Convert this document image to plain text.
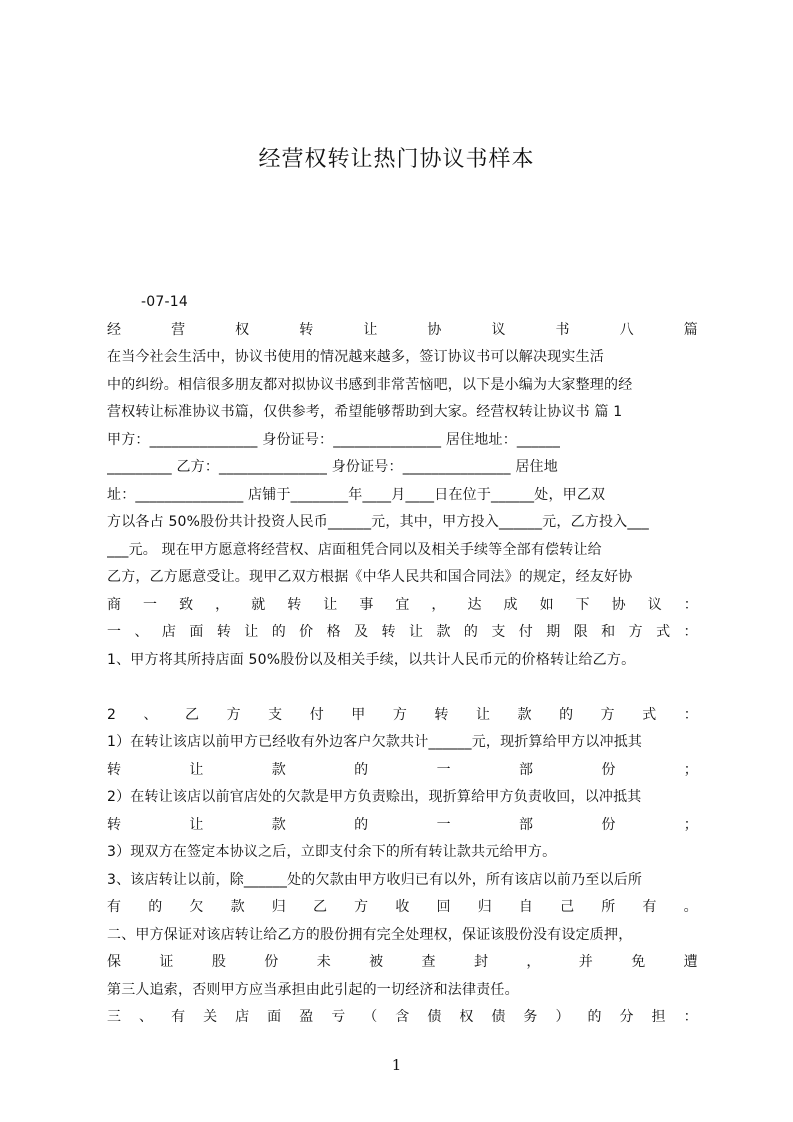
经营权转让热门协议书样本
-07-14
经	营	权	转	让	协	议	书	八	篇
在当今社会生活中，协议书使用的情况越来越多，签订协议书可以解决现实生活
中的纠纷。相信很多朋友都对拟协议书感到非常苦恼吧，以下是小编为大家整理的经
营权转让标准协议书篇，仅供参考，希望能够帮助到大家。经营权转让协议书 篇 1
甲方：_______________ 身份证号：_______________ 居住地址：______
_________ 乙方：_______________ 身份证号：_______________ 居住地
址：_______________ 店铺于________年____月____日在位于______处，甲乙双
方以各占 50%股份共计投资人民币______元，其中，甲方投入______元，乙方投入___
___元。 现在甲方愿意将经营权、店面租凭合同以及相关手续等全部有偿转让给
乙方，乙方愿意受让。现甲乙双方根据《中华人民共和国合同法》的规定，经友好协
商 一 致 ， 就 转 让 事 宜 ， 达 成 如 下 协 议 ：
一 、 店 面 转 让 的 价 格 及 转 让 款 的 支 付 期 限 和 方 式 ：
1、甲方将其所持店面 50%股份以及相关手续，以共计人民币元的价格转让给乙方。
2 、 乙 方 支 付 甲 方 转 让 款 的 方 式 ：
1）在转让该店以前甲方已经收有外边客户欠款共计______元，现折算给甲方以冲抵其
转	让	款	的	一	部	份	；
2）在转让该店以前官店处的欠款是甲方负责赊出，现折算给甲方负责收回，以冲抵其
转	让	款	的	一	部	份	；
3）现双方在签定本协议之后，立即支付余下的所有转让款共元给甲方。
3、该店转让以前，除______处的欠款由甲方收归已有以外，所有该店以前乃至以后所
有 的 欠 款 归 乙 方 收 回 归 自 己 所 有 。
二、甲方保证对该店转让给乙方的股份拥有完全处理权，保证该股份没有设定质押，
保	证	股	份	未	被	查	封	，	并	免	遭
第三人追索，否则甲方应当承担由此引起的一切经济和法律责任。
三 、 有 关 店 面 盈 亏 （ 含 债 权 债 务 ） 的 分 担 ：
1
